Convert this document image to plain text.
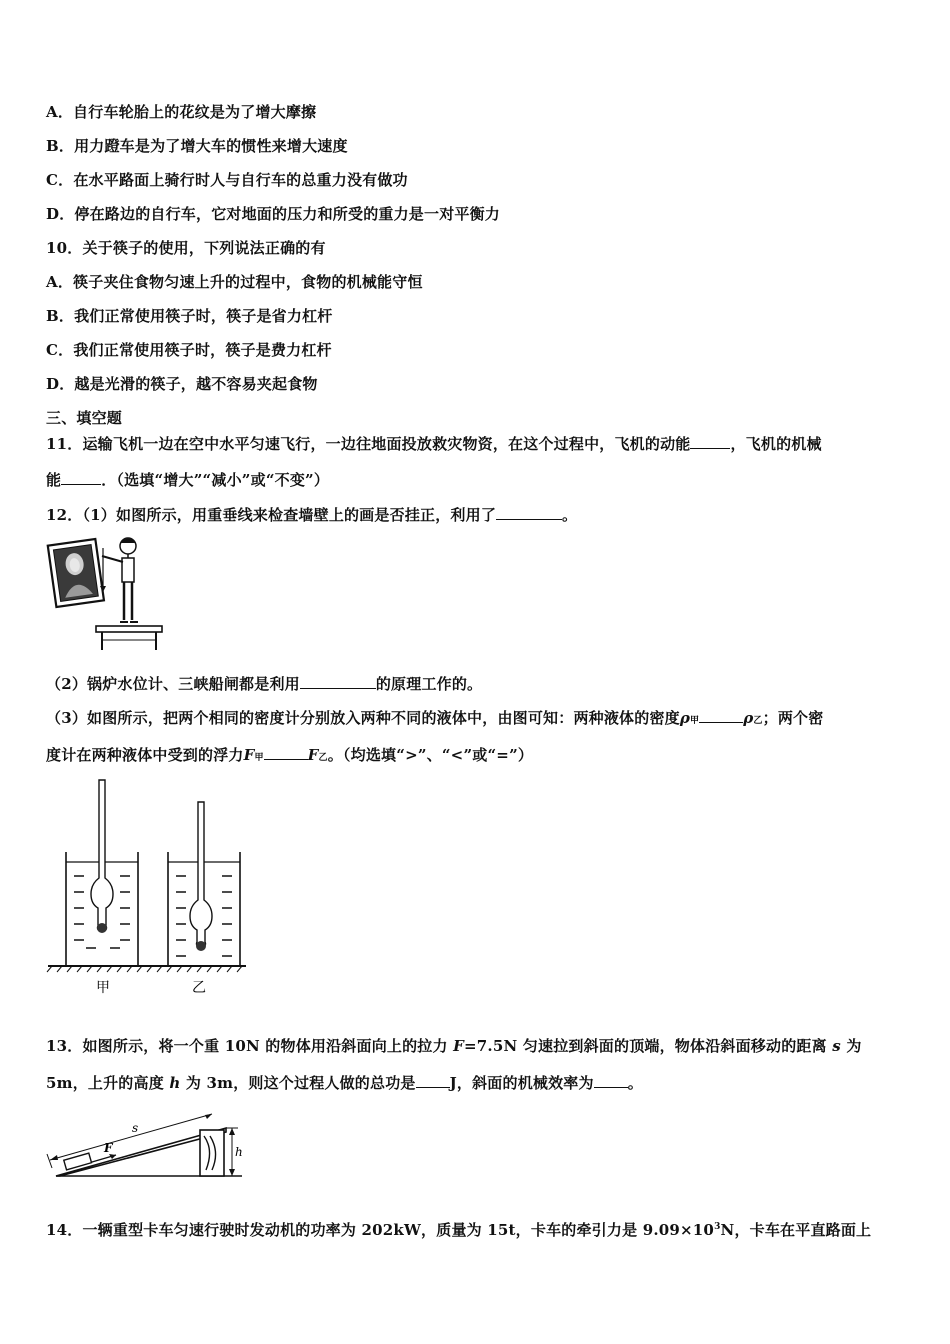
A．自行车轮胎上的花纹是为了增大摩擦
B．用力蹬车是为了增大车的惯性来增大速度
C．在水平路面上骑行时人与自行车的总重力没有做功
D．停在路边的自行车，它对地面的压力和所受的重力是一对平衡力
10．关于筷子的使用，下列说法正确的有
A．筷子夹住食物匀速上升的过程中，食物的机械能守恒
B．我们正常使用筷子时，筷子是省力杠杆
C．我们正常使用筷子时，筷子是费力杠杆
D．越是光滑的筷子，越不容易夹起食物
三、填空题
11．运输飞机一边在空中水平匀速飞行，一边往地面投放救灾物资，在这个过程中，飞机的动能	，飞机的机械
能	．（选填“增大”“减小”或“不变”）
12．（1）如图所示，用重垂线来检查墙壁上的画是否挂正，利用了	。
（2）锅炉水位计、三峡船闸都是利用	的原理工作的。
（3）如图所示，把两个相同的密度计分别放入两种不同的液体中，由图可知：两种液体的密度ρ甲	ρ乙；两个密
度计在两种液体中受到的浮力F甲	F乙。（均选填“>”、“<”或“=”）
甲	乙
13．如图所示，将一个重 10N 的物体用沿斜面向上的拉力 F=7.5N 匀速拉到斜面的顶端，物体沿斜面移动的距离 s 为
5m，上升的高度 h 为 3m，则这个过程人做的总功是 J，斜面的机械效率为 。
s
F	h
14．一辆重型卡车匀速行驶时发动机的功率为 202kW，质量为 15t，卡车的牵引力是 $9.09\times 10^3N$，卡车在平直路面上
